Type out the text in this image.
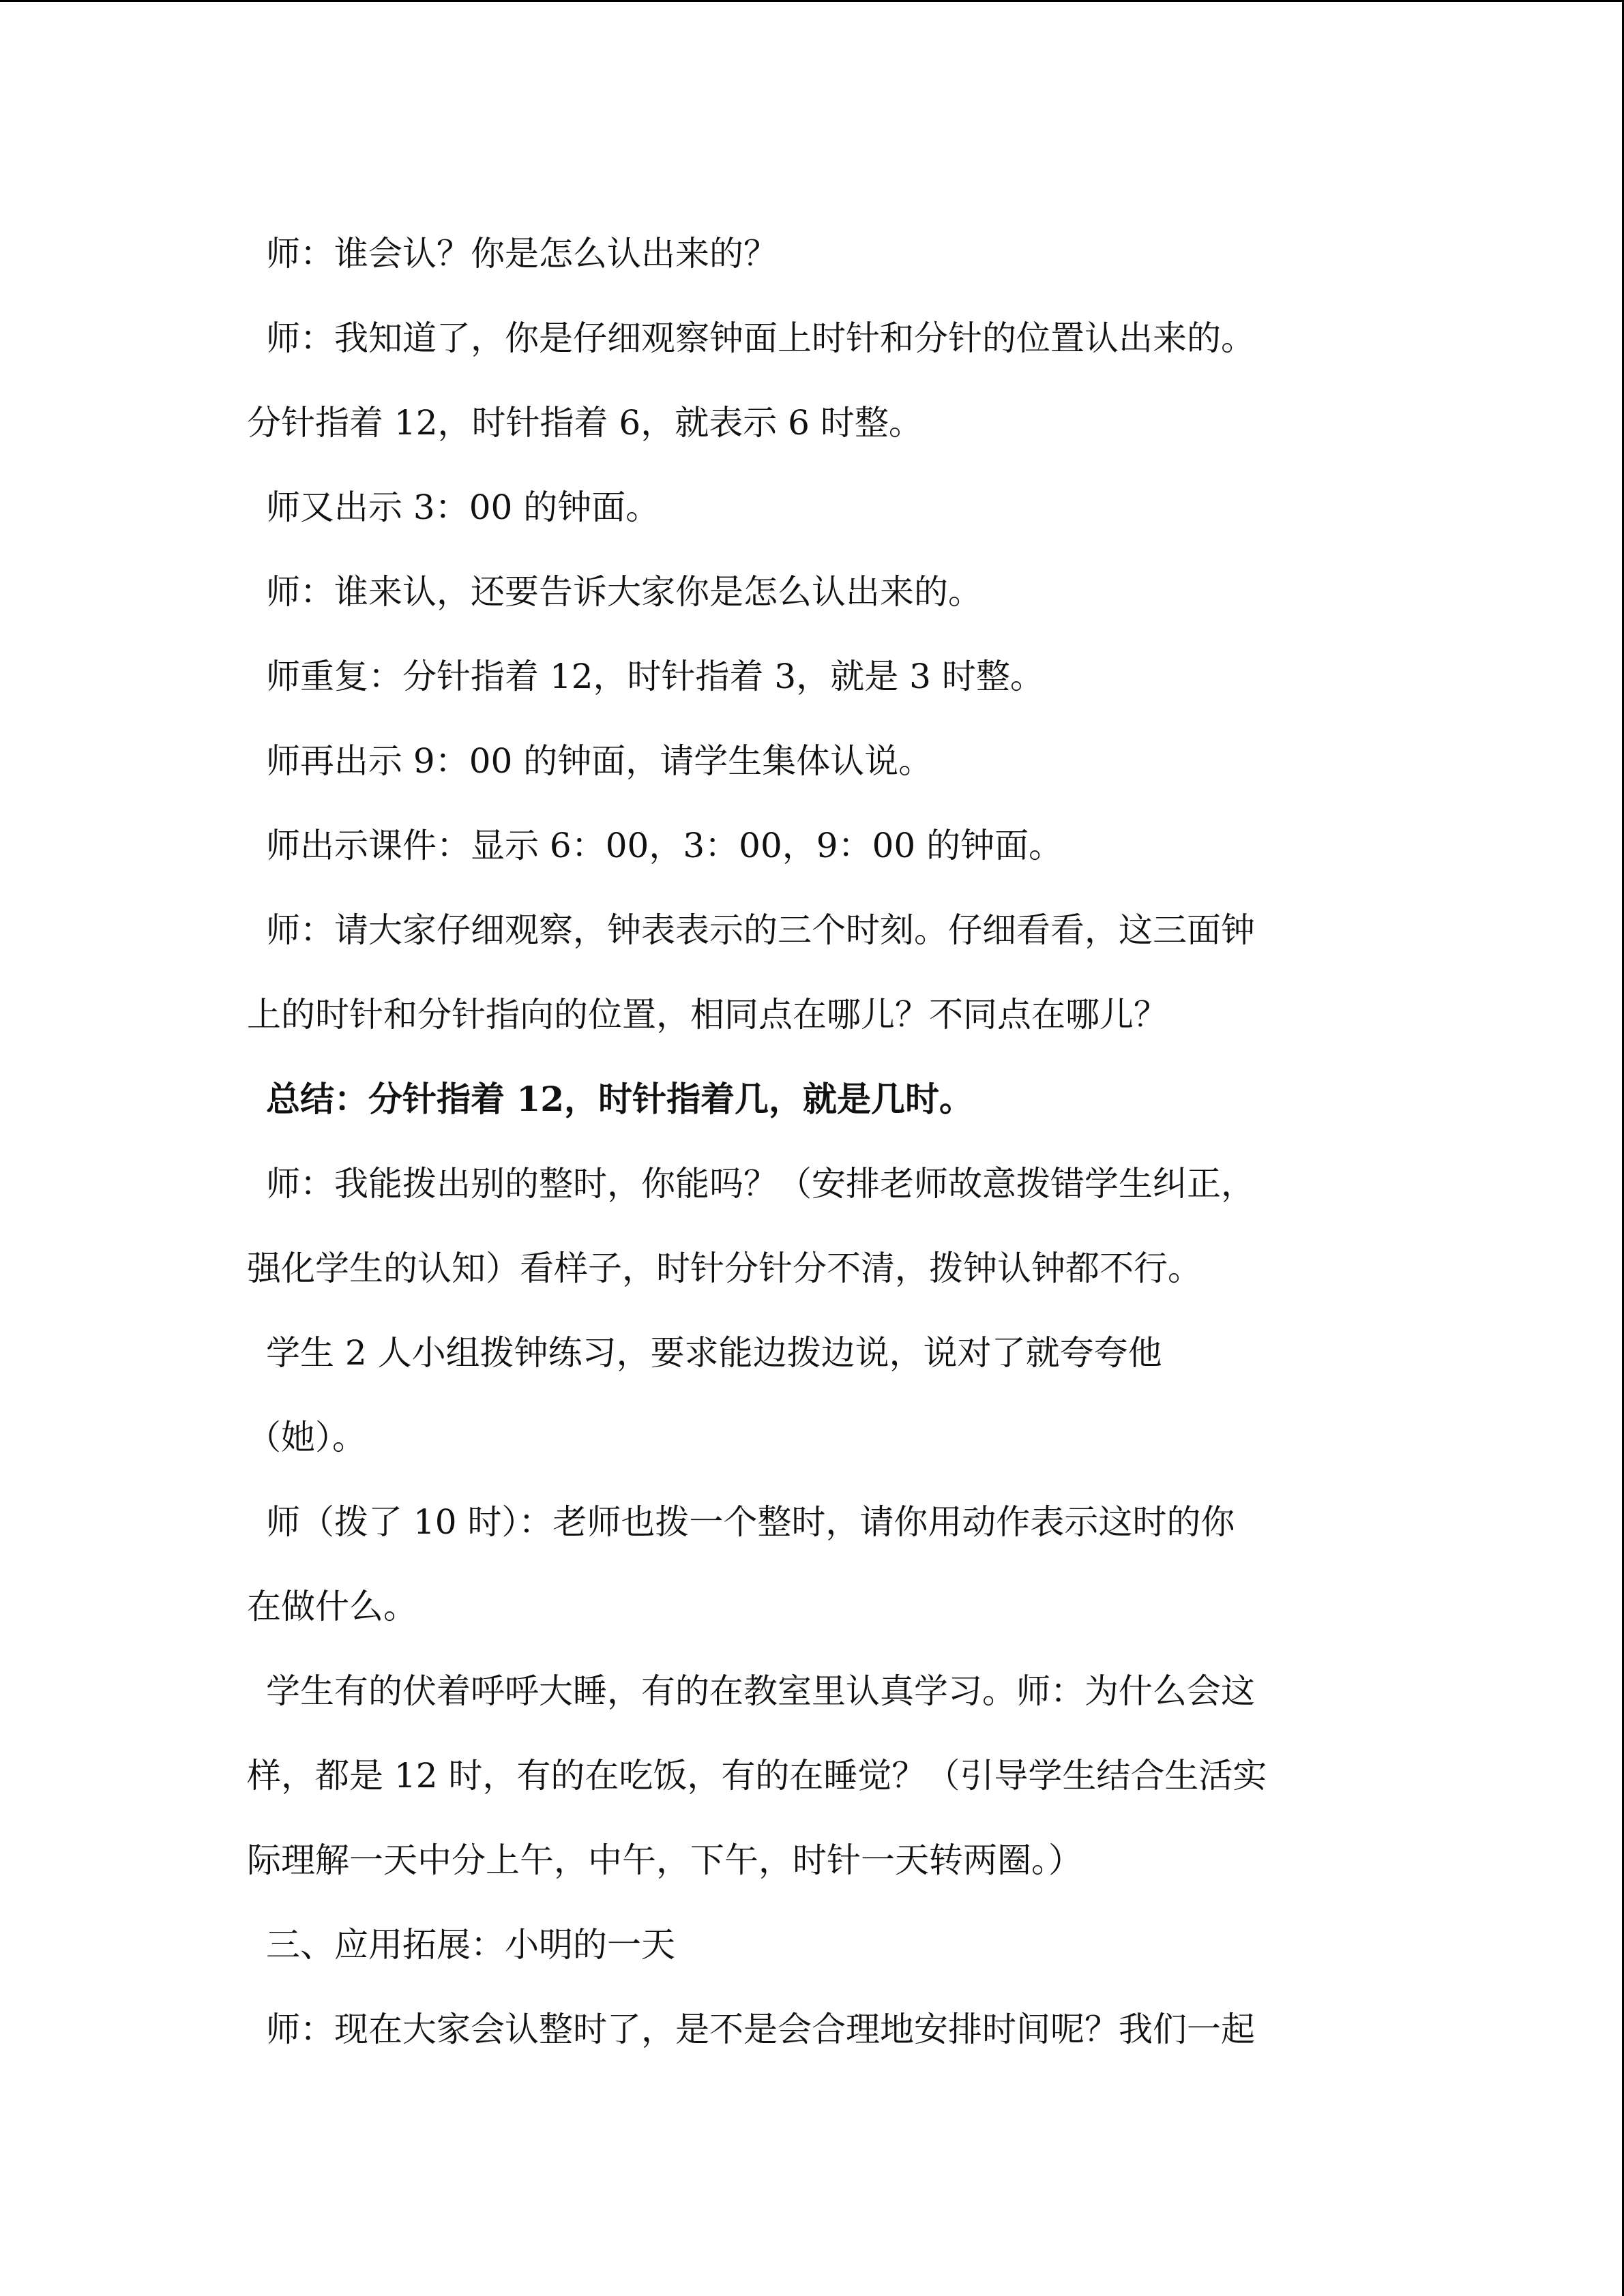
师：谁会认？你是怎么认出来的？
师：我知道了，你是仔细观察钟面上时针和分针的位置认出来的。
分针指着 12，时针指着 6，就表示 6 时整。
师又出示 3：00 的钟面。
师：谁来认，还要告诉大家你是怎么认出来的。
师重复：分针指着 12，时针指着 3，就是 3 时整。
师再出示 9：00 的钟面，请学生集体认说。
师出示课件：显示 6：00，3：00，9：00 的钟面。
师：请大家仔细观察，钟表表示的三个时刻。仔细看看，这三面钟
上的时针和分针指向的位置，相同点在哪儿？不同点在哪儿？
总结：分针指着 12，时针指着几，就是几时。
师：我能拨出别的整时，你能吗？（安排老师故意拨错学生纠正，
强化学生的认知）看样子，时针分针分不清，拨钟认钟都不行。
学生 2 人小组拨钟练习，要求能边拨边说，说对了就夸夸他
（她）。
师（拨了 10 时）：老师也拨一个整时，请你用动作表示这时的你
在做什么。
学生有的伏着呼呼大睡，有的在教室里认真学习。师：为什么会这
样，都是 12 时，有的在吃饭，有的在睡觉？（引导学生结合生活实
际理解一天中分上午，中午，下午，时针一天转两圈。）
三、应用拓展：小明的一天
师：现在大家会认整时了，是不是会合理地安排时间呢？我们一起
